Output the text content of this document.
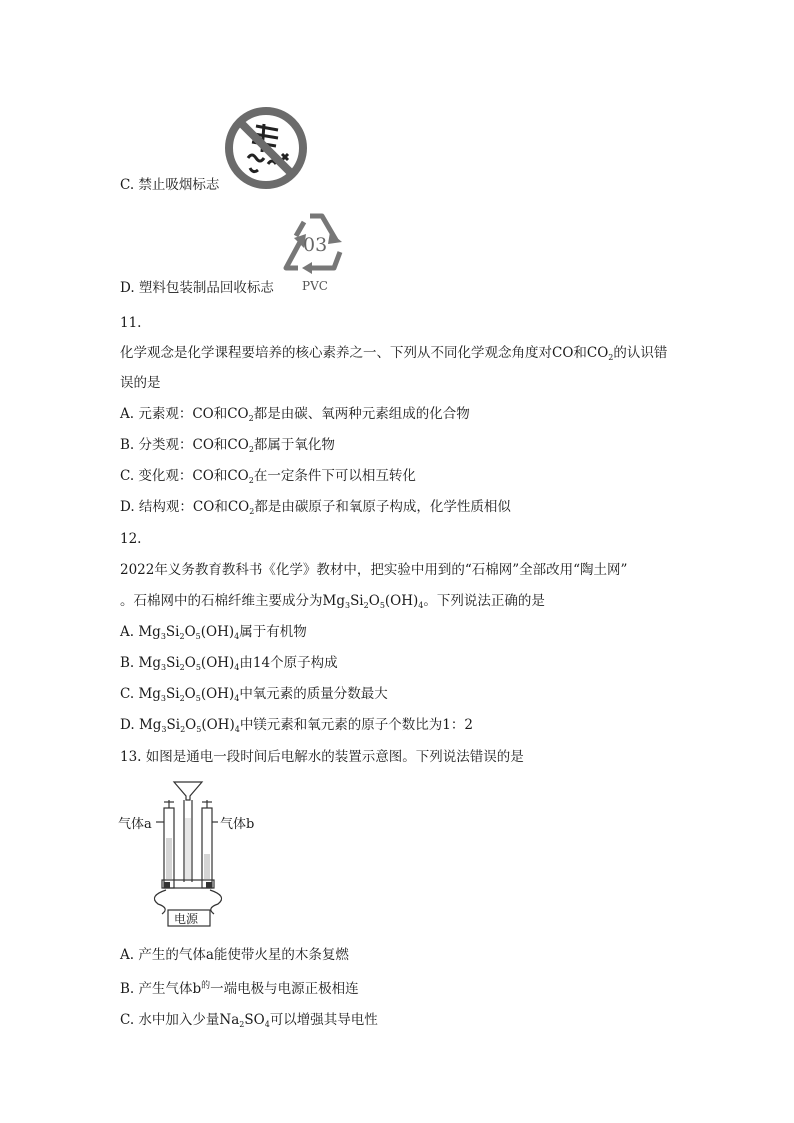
C. 禁止吸烟标志
03
PVC
D. 塑料包装制品回收标志
11.
化学观念是化学课程要培养的核心素养之一、下列从不同化学观念角度对CO和$CO_2$的认识错
误的是
A. 元素观：CO和$CO_2$都是由碳、氧两种元素组成的化合物
B. 分类观：CO和$CO_2$都属于氧化物
C. 变化观：CO和$CO_2$在一定条件下可以相互转化
D. 结构观：CO和$CO_2$都是由碳原子和氧原子构成，化学性质相似
12.
2022年义务教育教科书《化学》教材中，把实验中用到的“石棉网”全部改用“陶土网”
。石棉网中的石棉纤维主要成分为$Mg_3Si_2O_5(OH)_4$。下列说法正确的是
A. $Mg_3Si_2O_5(OH)_4$属于有机物
B. $Mg_3Si_2O_5(OH)_4$由14个原子构成
C. $Mg_3Si_2O_5(OH)_4$中氧元素的质量分数最大
D. $Mg_3Si_2O_5(OH)_4$中镁元素和氧元素的原子个数比为1：2
13. 如图是通电一段时间后电解水的装置示意图。下列说法错误的是
气体a	气体b
电源
A. 产生的气体a能使带火星的木条复燃
B. 产生气体$b^的$一端电极与电源正极相连
C. 水中加入少量$Na_2SO_4$可以增强其导电性
